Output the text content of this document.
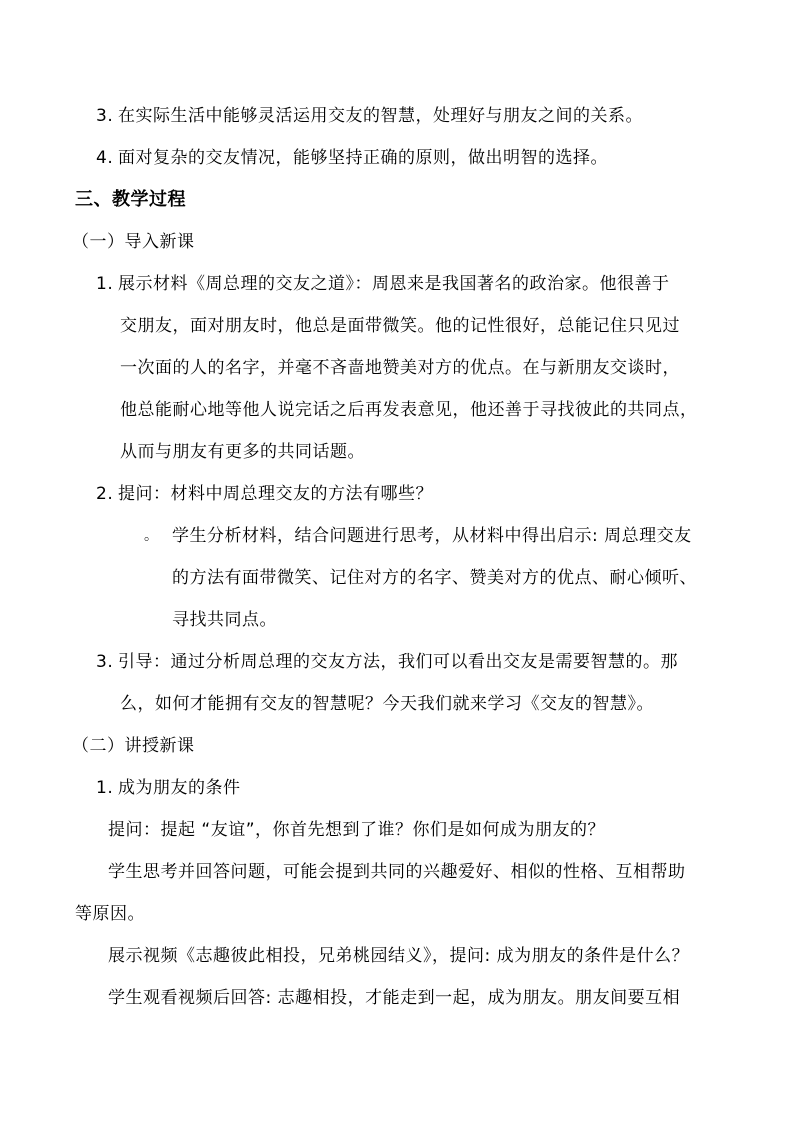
3. 在实际生活中能够灵活运用交友的智慧，处理好与朋友之间的关系。
4. 面对复杂的交友情况，能够坚持正确的原则，做出明智的选择。
三、教学过程
（一）导入新课
1. 展示材料《周总理的交友之道》：周恩来是我国著名的政治家。他很善于
交朋友，面对朋友时，他总是面带微笑。他的记性很好，总能记住只见过
一次面的人的名字，并毫不吝啬地赞美对方的优点。在与新朋友交谈时，
他总能耐心地等他人说完话之后再发表意见，他还善于寻找彼此的共同点，
从而与朋友有更多的共同话题。
2. 提问：材料中周总理交友的方法有哪些？
。 学生分析材料，结合问题进行思考，从材料中得出启示: 周总理交友
的方法有面带微笑、记住对方的名字、赞美对方的优点、耐心倾听、
寻找共同点。
3. 引导：通过分析周总理的交友方法，我们可以看出交友是需要智慧的。那
么，如何才能拥有交友的智慧呢？今天我们就来学习《交友的智慧》。
（二）讲授新课
1. 成为朋友的条件
提问：提起 “友谊”，你首先想到了谁？你们是如何成为朋友的？
学生思考并回答问题，可能会提到共同的兴趣爱好、相似的性格、互相帮助
等原因。
展示视频《志趣彼此相投，兄弟桃园结义》，提问: 成为朋友的条件是什么？
学生观看视频后回答: 志趣相投，才能走到一起，成为朋友。朋友间要互相
